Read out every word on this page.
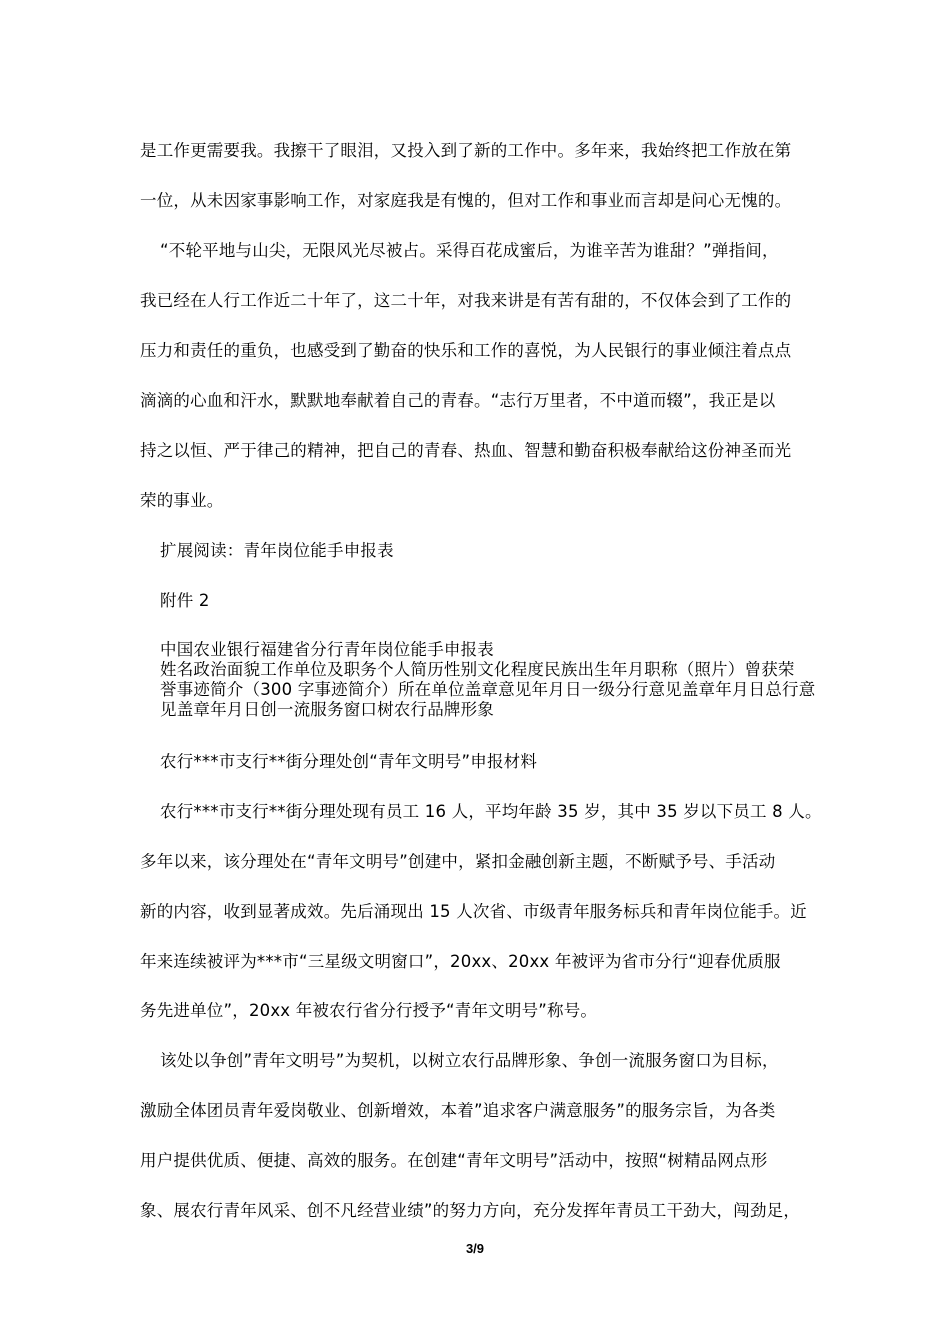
是工作更需要我。我擦干了眼泪，又投入到了新的工作中。多年来，我始终把工作放在第
一位，从未因家事影响工作，对家庭我是有愧的，但对工作和事业而言却是问心无愧的。
“不轮平地与山尖，无限风光尽被占。采得百花成蜜后，为谁辛苦为谁甜？”弹指间，
我已经在人行工作近二十年了，这二十年，对我来讲是有苦有甜的，不仅体会到了工作的
压力和责任的重负，也感受到了勤奋的快乐和工作的喜悦，为人民银行的事业倾注着点点
滴滴的心血和汗水，默默地奉献着自己的青春。“志行万里者，不中道而辍”，我正是以
持之以恒、严于律己的精神，把自己的青春、热血、智慧和勤奋积极奉献给这份神圣而光
荣的事业。
扩展阅读：青年岗位能手申报表
附件 2
中国农业银行福建省分行青年岗位能手申报表
姓名政治面貌工作单位及职务个人简历性别文化程度民族出生年月职称（照片）曾获荣
誉事迹简介（300 字事迹简介）所在单位盖章意见年月日一级分行意见盖章年月日总行意
见盖章年月日创一流服务窗口树农行品牌形象
农行***市支行**街分理处创“青年文明号”申报材料
农行***市支行**街分理处现有员工 16 人，平均年龄 35 岁，其中 35 岁以下员工 8 人。
多年以来，该分理处在“青年文明号”创建中，紧扣金融创新主题，不断赋予号、手活动
新的内容，收到显著成效。先后涌现出 15 人次省、市级青年服务标兵和青年岗位能手。近
年来连续被评为***市“三星级文明窗口”，20xx、20xx 年被评为省市分行“迎春优质服
务先进单位”，20xx 年被农行省分行授予“青年文明号”称号。
该处以争创”青年文明号”为契机，以树立农行品牌形象、争创一流服务窗口为目标，
激励全体团员青年爱岗敬业、创新增效，本着”追求客户满意服务”的服务宗旨，为各类
用户提供优质、便捷、高效的服务。在创建“青年文明号”活动中，按照“树精品网点形
象、展农行青年风采、创不凡经营业绩”的努力方向，充分发挥年青员工干劲大，闯劲足，
3/9
